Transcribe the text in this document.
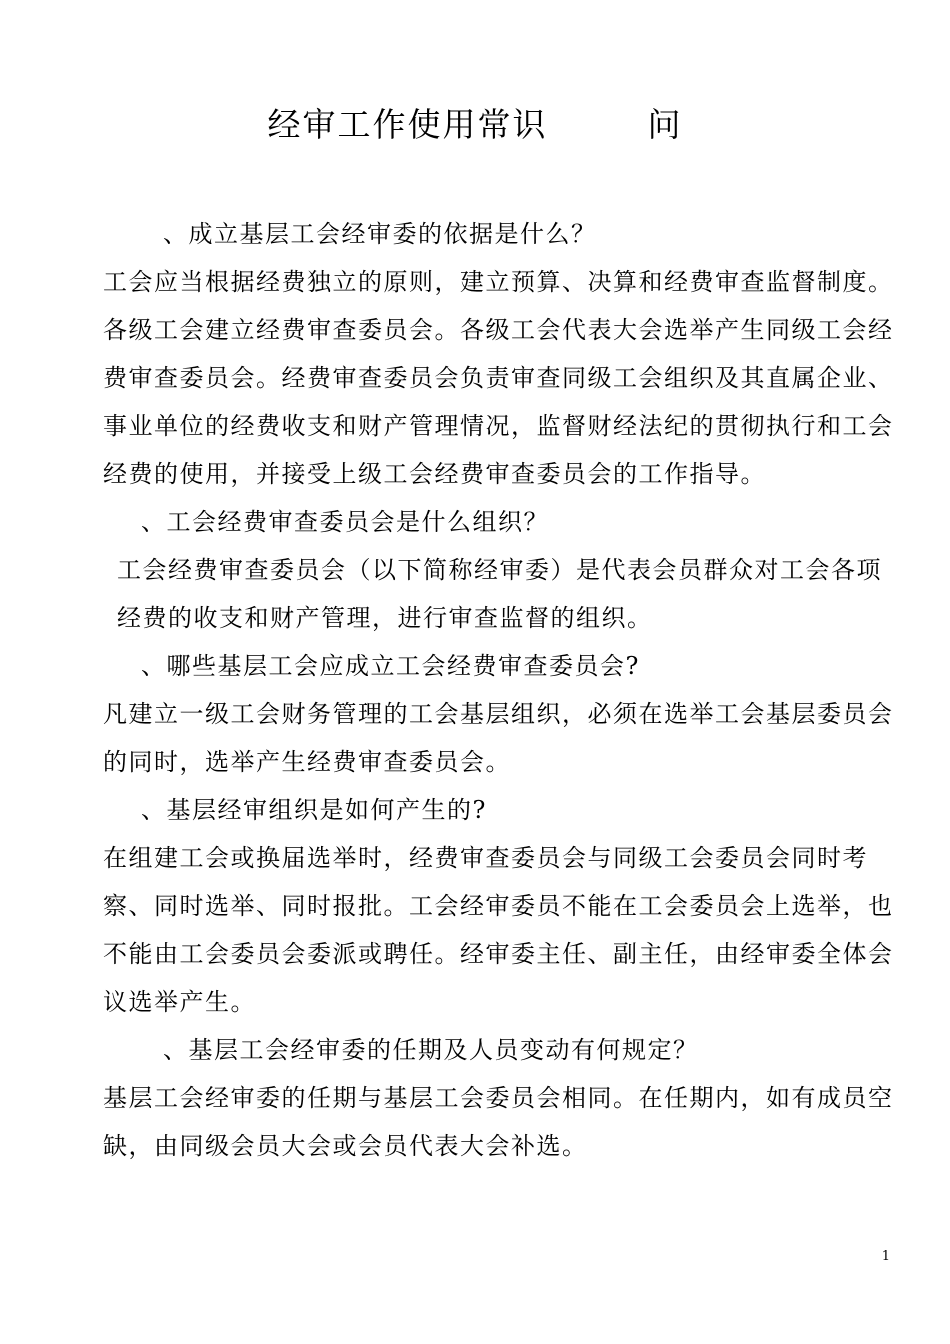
经审工作使用常识        问
、成立基层工会经审委的依据是什么？
工会应当根据经费独立的原则，建立预算、决算和经费审查监督制度。
各级工会建立经费审查委员会。各级工会代表大会选举产生同级工会经
费审查委员会。经费审查委员会负责审查同级工会组织及其直属企业、
事业单位的经费收支和财产管理情况，监督财经法纪的贯彻执行和工会
经费的使用，并接受上级工会经费审查委员会的工作指导。
、工会经费审查委员会是什么组织？
工会经费审查委员会（以下简称经审委）是代表会员群众对工会各项
经费的收支和财产管理，进行审查监督的组织。
、哪些基层工会应成立工会经费审查委员会?
凡建立一级工会财务管理的工会基层组织，必须在选举工会基层委员会
的同时，选举产生经费审查委员会。
、基层经审组织是如何产生的?
在组建工会或换届选举时，经费审查委员会与同级工会委员会同时考
察、同时选举、同时报批。工会经审委员不能在工会委员会上选举，也
不能由工会委员会委派或聘任。经审委主任、副主任，由经审委全体会
议选举产生。
、基层工会经审委的任期及人员变动有何规定？
基层工会经审委的任期与基层工会委员会相同。在任期内，如有成员空
缺，由同级会员大会或会员代表大会补选。
1
